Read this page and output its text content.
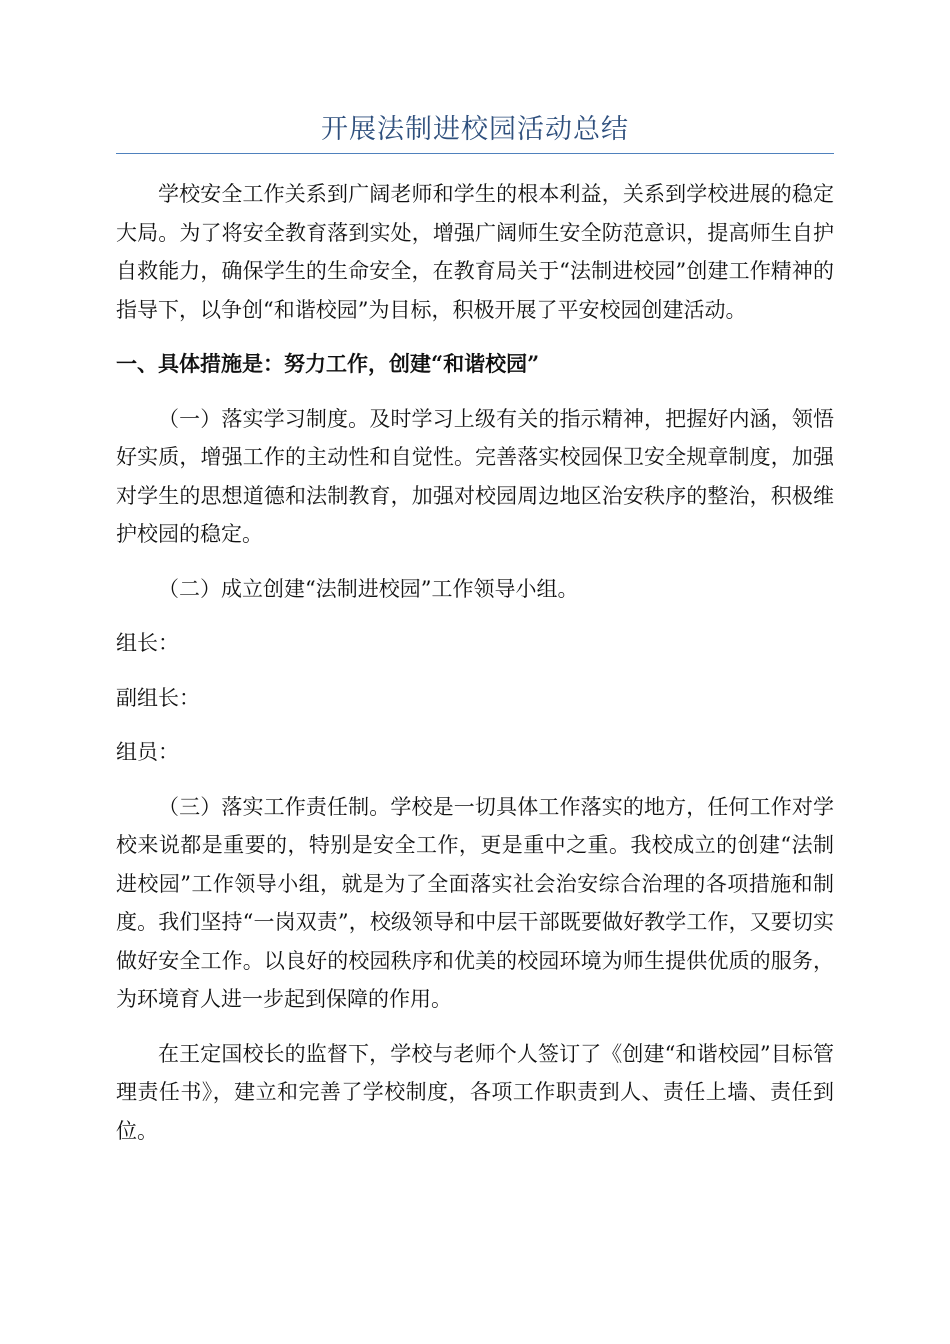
开展法制进校园活动总结

学校安全工作关系到广阔老师和学生的根本利益，关系到学校进展的稳定大局。为了将安全教育落到实处，增强广阔师生安全防范意识，提高师生自护自救能力，确保学生的生命安全，在教育局关于“法制进校园”创建工作精神的指导下，以争创“和谐校园”为目标，积极开展了平安校园创建活动。

一、具体措施是：努力工作，创建“和谐校园”

（一）落实学习制度。及时学习上级有关的指示精神，把握好内涵，领悟好实质，增强工作的主动性和自觉性。完善落实校园保卫安全规章制度，加强对学生的思想道德和法制教育，加强对校园周边地区治安秩序的整治，积极维护校园的稳定。

（二）成立创建“法制进校园”工作领导小组。

组长：

副组长：

组员：

（三）落实工作责任制。学校是一切具体工作落实的地方，任何工作对学校来说都是重要的，特别是安全工作，更是重中之重。我校成立的创建“法制进校园”工作领导小组，就是为了全面落实社会治安综合治理的各项措施和制度。我们坚持“一岗双责”，校级领导和中层干部既要做好教学工作，又要切实做好安全工作。以良好的校园秩序和优美的校园环境为师生提供优质的服务，为环境育人进一步起到保障的作用。

在王定国校长的监督下，学校与老师个人签订了《创建“和谐校园”目标管理责任书》，建立和完善了学校制度，各项工作职责到人、责任上墙、责任到位。
